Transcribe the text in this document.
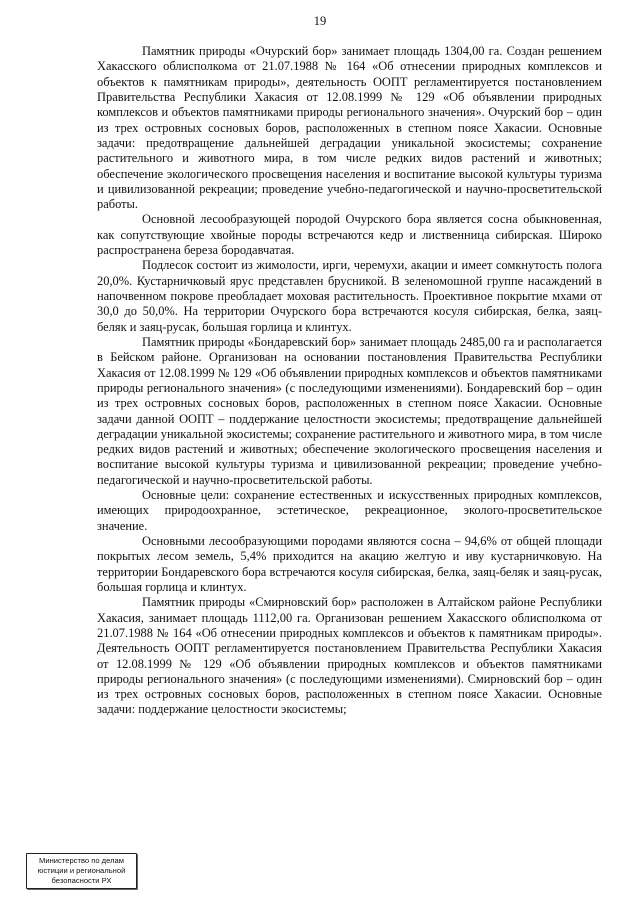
19

Памятник природы «Очурский бор» занимает площадь 1304,00 га. Создан решением Хакасского облисполкома от 21.07.1988 № 164 «Об отнесении природных комплексов и объектов к памятникам природы», деятельность ООПТ регламентируется постановлением Правительства Республики Хакасия от 12.08.1999 № 129 «Об объявлении природных комплексов и объектов памятниками природы регионального значения». Очурский бор – один из трех островных сосновых боров, расположенных в степном поясе Хакасии. Основные задачи: предотвращение дальнейшей деградации уникальной экосистемы; сохранение растительного и животного мира, в том числе редких видов растений и животных; обеспечение экологического просвещения населения и воспитание высокой культуры туризма и цивилизованной рекреации; проведение учебно-педагогической и научно-просветительской работы.

Основной лесообразующей породой Очурского бора является сосна обыкновенная, как сопутствующие хвойные породы встречаются кедр и лиственница сибирская. Широко распространена береза бородавчатая.

Подлесок состоит из жимолости, ирги, черемухи, акации и имеет сомкнутость полога 20,0%. Кустарничковый ярус представлен брусникой. В зеленомошной группе насаждений в напочвенном покрове преобладает моховая растительность. Проективное покрытие мхами от 30,0 до 50,0%. На территории Очурского бора встречаются косуля сибирская, белка, заяц-беляк и заяц-русак, большая горлица и клинтух.

Памятник природы «Бондаревский бор» занимает площадь 2485,00 га и располагается в Бейском районе. Организован на основании постановления Правительства Республики Хакасия от 12.08.1999 № 129 «Об объявлении природных комплексов и объектов памятниками природы регионального значения» (с последующими изменениями). Бондаревский бор – один из трех островных сосновых боров, расположенных в степном поясе Хакасии. Основные задачи данной ООПТ – поддержание целостности экосистемы; предотвращение дальнейшей деградации уникальной экосистемы; сохранение растительного и животного мира, в том числе редких видов растений и животных; обеспечение экологического просвещения населения и воспитание высокой культуры туризма и цивилизованной рекреации; проведение учебно-педагогической и научно-просветительской работы.

Основные цели: сохранение естественных и искусственных природных комплексов, имеющих природоохранное, эстетическое, рекреационное, эколого-просветительское значение.

Основными лесообразующими породами являются сосна – 94,6% от общей площади покрытых лесом земель, 5,4% приходится на акацию желтую и иву кустарничковую. На территории Бондаревского бора встречаются косуля сибирская, белка, заяц-беляк и заяц-русак, большая горлица и клинтух.

Памятник природы «Смирновский бор» расположен в Алтайском районе Республики Хакасия, занимает площадь 1112,00 га. Организован решением Хакасского облисполкома от 21.07.1988 № 164 «Об отнесении природных комплексов и объектов к памятникам природы». Деятельность ООПТ регламентируется постановлением Правительства Республики Хакасия от 12.08.1999 № 129 «Об объявлении природных комплексов и объектов памятниками природы регионального значения» (с последующими изменениями). Смирновский бор – один из трех островных сосновых боров, расположенных в степном поясе Хакасии. Основные задачи: поддержание целостности экосистемы;

Министерство по делам
юстиции и региональной
безопасности РХ
